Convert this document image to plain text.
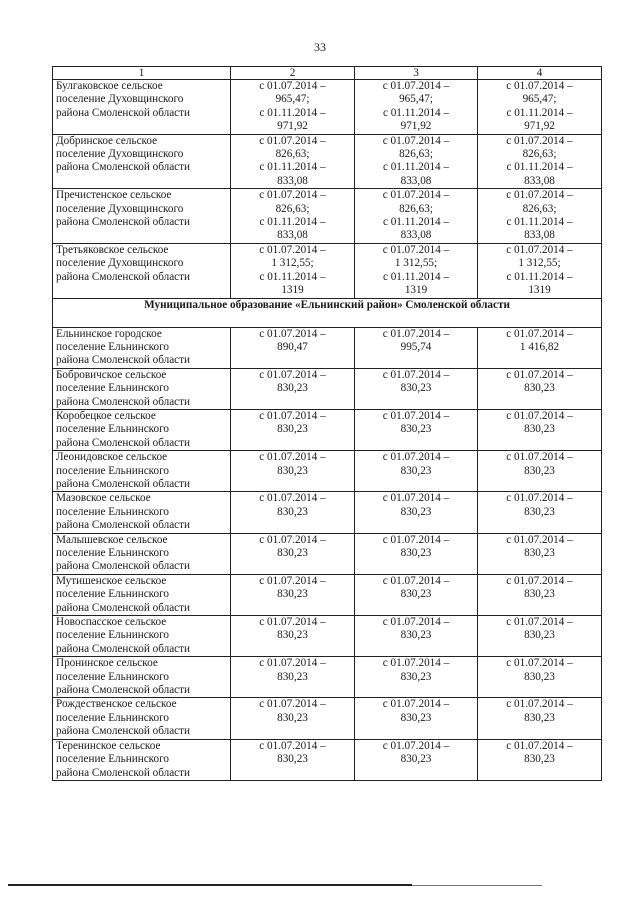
33
1	2	3	4

Булгаковское сельское
поселение Духовщинского
района Смоленской области	с 01.07.2014 –
965,47;
с 01.11.2014 –
971,92	с 01.07.2014 –
965,47;
с 01.11.2014 –
971,92	с 01.07.2014 –
965,47;
с 01.11.2014 –
971,92

Добринское сельское
поселение Духовщинского
района Смоленской области	с 01.07.2014 –
826,63;
с 01.11.2014 –
833,08	с 01.07.2014 –
826,63;
с 01.11.2014 –
833,08	с 01.07.2014 –
826,63;
с 01.11.2014 –
833,08

Пречистенское сельское
поселение Духовщинского
района Смоленской области	с 01.07.2014 –
826,63;
с 01.11.2014 –
833,08	с 01.07.2014 –
826,63;
с 01.11.2014 –
833,08	с 01.07.2014 –
826,63;
с 01.11.2014 –
833,08

Третьяковское сельское
поселение Духовщинского
района Смоленской области	с 01.07.2014 –
1 312,55;
с 01.11.2014 –
1319	с 01.07.2014 –
1 312,55;
с 01.11.2014 –
1319	с 01.07.2014 –
1 312,55;
с 01.11.2014 –
1319

Муниципальное образование «Ельнинский район» Смоленской области			

Ельнинское городское
поселение Ельнинского
района Смоленской области	с 01.07.2014 –
890,47	с 01.07.2014 –
995,74	с 01.07.2014 –
1 416,82

Бобровичское сельское
поселение Ельнинского
района Смоленской области	с 01.07.2014 –
830,23	с 01.07.2014 –
830,23	с 01.07.2014 –
830,23

Коробецкое сельское
поселение Ельнинского
района Смоленской области	с 01.07.2014 –
830,23	с 01.07.2014 –
830,23	с 01.07.2014 –
830,23

Леонидовское сельское
поселение Ельнинского
района Смоленской области	с 01.07.2014 –
830,23	с 01.07.2014 –
830,23	с 01.07.2014 –
830,23

Мазовское сельское
поселение Ельнинского
района Смоленской области	с 01.07.2014 –
830,23	с 01.07.2014 –
830,23	с 01.07.2014 –
830,23

Малышевское сельское
поселение Ельнинского
района Смоленской области	с 01.07.2014 –
830,23	с 01.07.2014 –
830,23	с 01.07.2014 –
830,23

Мутишенское сельское
поселение Ельнинского
района Смоленской области	с 01.07.2014 –
830,23	с 01.07.2014 –
830,23	с 01.07.2014 –
830,23

Новоспасское сельское
поселение Ельнинского
района Смоленской области	с 01.07.2014 –
830,23	с 01.07.2014 –
830,23	с 01.07.2014 –
830,23

Пронинское сельское
поселение Ельнинского
района Смоленской области	с 01.07.2014 –
830,23	с 01.07.2014 –
830,23	с 01.07.2014 –
830,23

Рождественское сельское
поселение Ельнинского
района Смоленской области	с 01.07.2014 –
830,23	с 01.07.2014 –
830,23	с 01.07.2014 –
830,23

Теренинское сельское
поселение Ельнинского
района Смоленской области	с 01.07.2014 –
830,23	с 01.07.2014 –
830,23	с 01.07.2014 –
830,23
